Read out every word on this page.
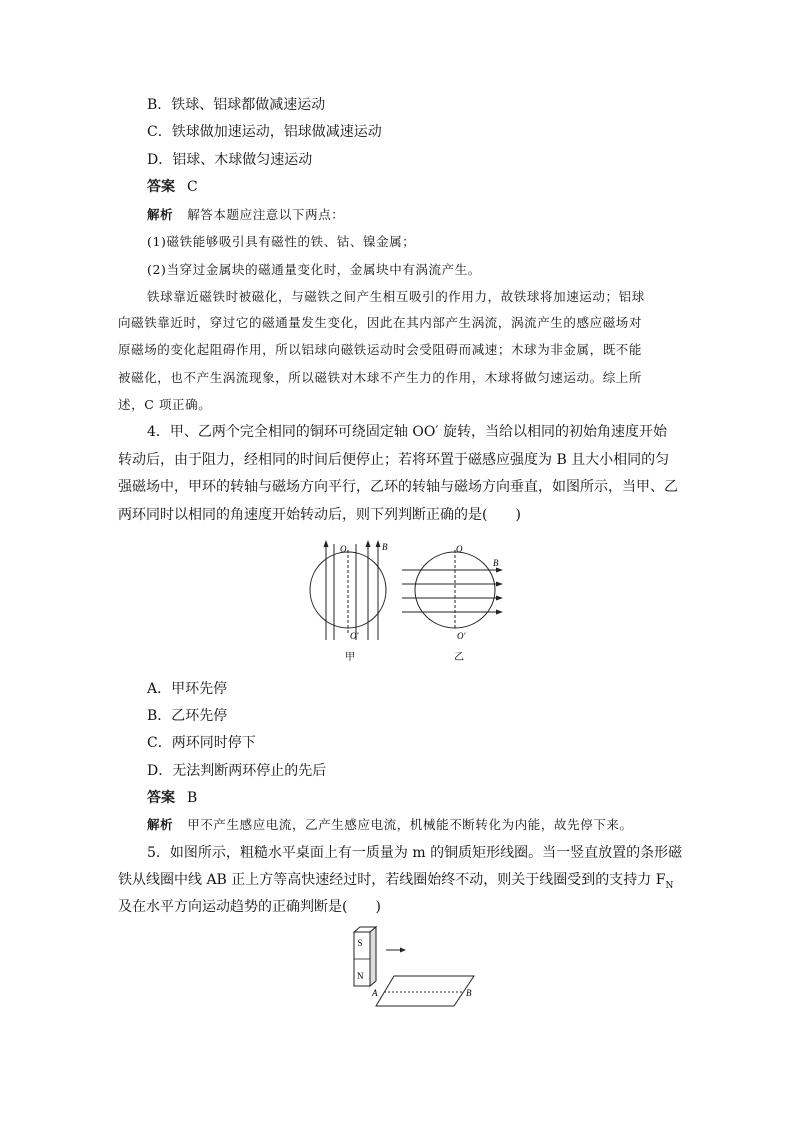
B．铁球、铝球都做减速运动
C．铁球做加速运动，铝球做减速运动
D．铝球、木球做匀速运动
答案 C
解析 解答本题应注意以下两点：
(1)磁铁能够吸引具有磁性的铁、钴、镍金属；
(2)当穿过金属块的磁通量变化时，金属块中有涡流产生。
铁球靠近磁铁时被磁化，与磁铁之间产生相互吸引的作用力，故铁球将加速运动；铝球
向磁铁靠近时，穿过它的磁通量发生变化，因此在其内部产生涡流，涡流产生的感应磁场对
原磁场的变化起阻碍作用，所以铝球向磁铁运动时会受阻碍而减速；木球为非金属，既不能
被磁化，也不产生涡流现象，所以磁铁对木球不产生力的作用，木球将做匀速运动。综上所
述，C 项正确。
4．甲、乙两个完全相同的铜环可绕固定轴 OO′ 旋转，当给以相同的初始角速度开始
转动后，由于阻力，经相同的时间后便停止；若将环置于磁感应强度为 B 且大小相同的匀
强磁场中，甲环的转轴与磁场方向平行，乙环的转轴与磁场方向垂直，如图所示，当甲、乙
两环同时以相同的角速度开始转动后，则下列判断正确的是(　　)
O
O′
B
甲
O
O′
B
乙
A．甲环先停
B．乙环先停
C．两环同时停下
D．无法判断两环停止的先后
答案 B
解析 甲不产生感应电流，乙产生感应电流，机械能不断转化为内能，故先停下来。
5．如图所示，粗糙水平桌面上有一质量为 m 的铜质矩形线圈。当一竖直放置的条形磁
铁从线圈中线 AB 正上方等高快速经过时，若线圈始终不动，则关于线圈受到的支持力 $F_N$
及在水平方向运动趋势的正确判断是(　　)
S
N
A	B
